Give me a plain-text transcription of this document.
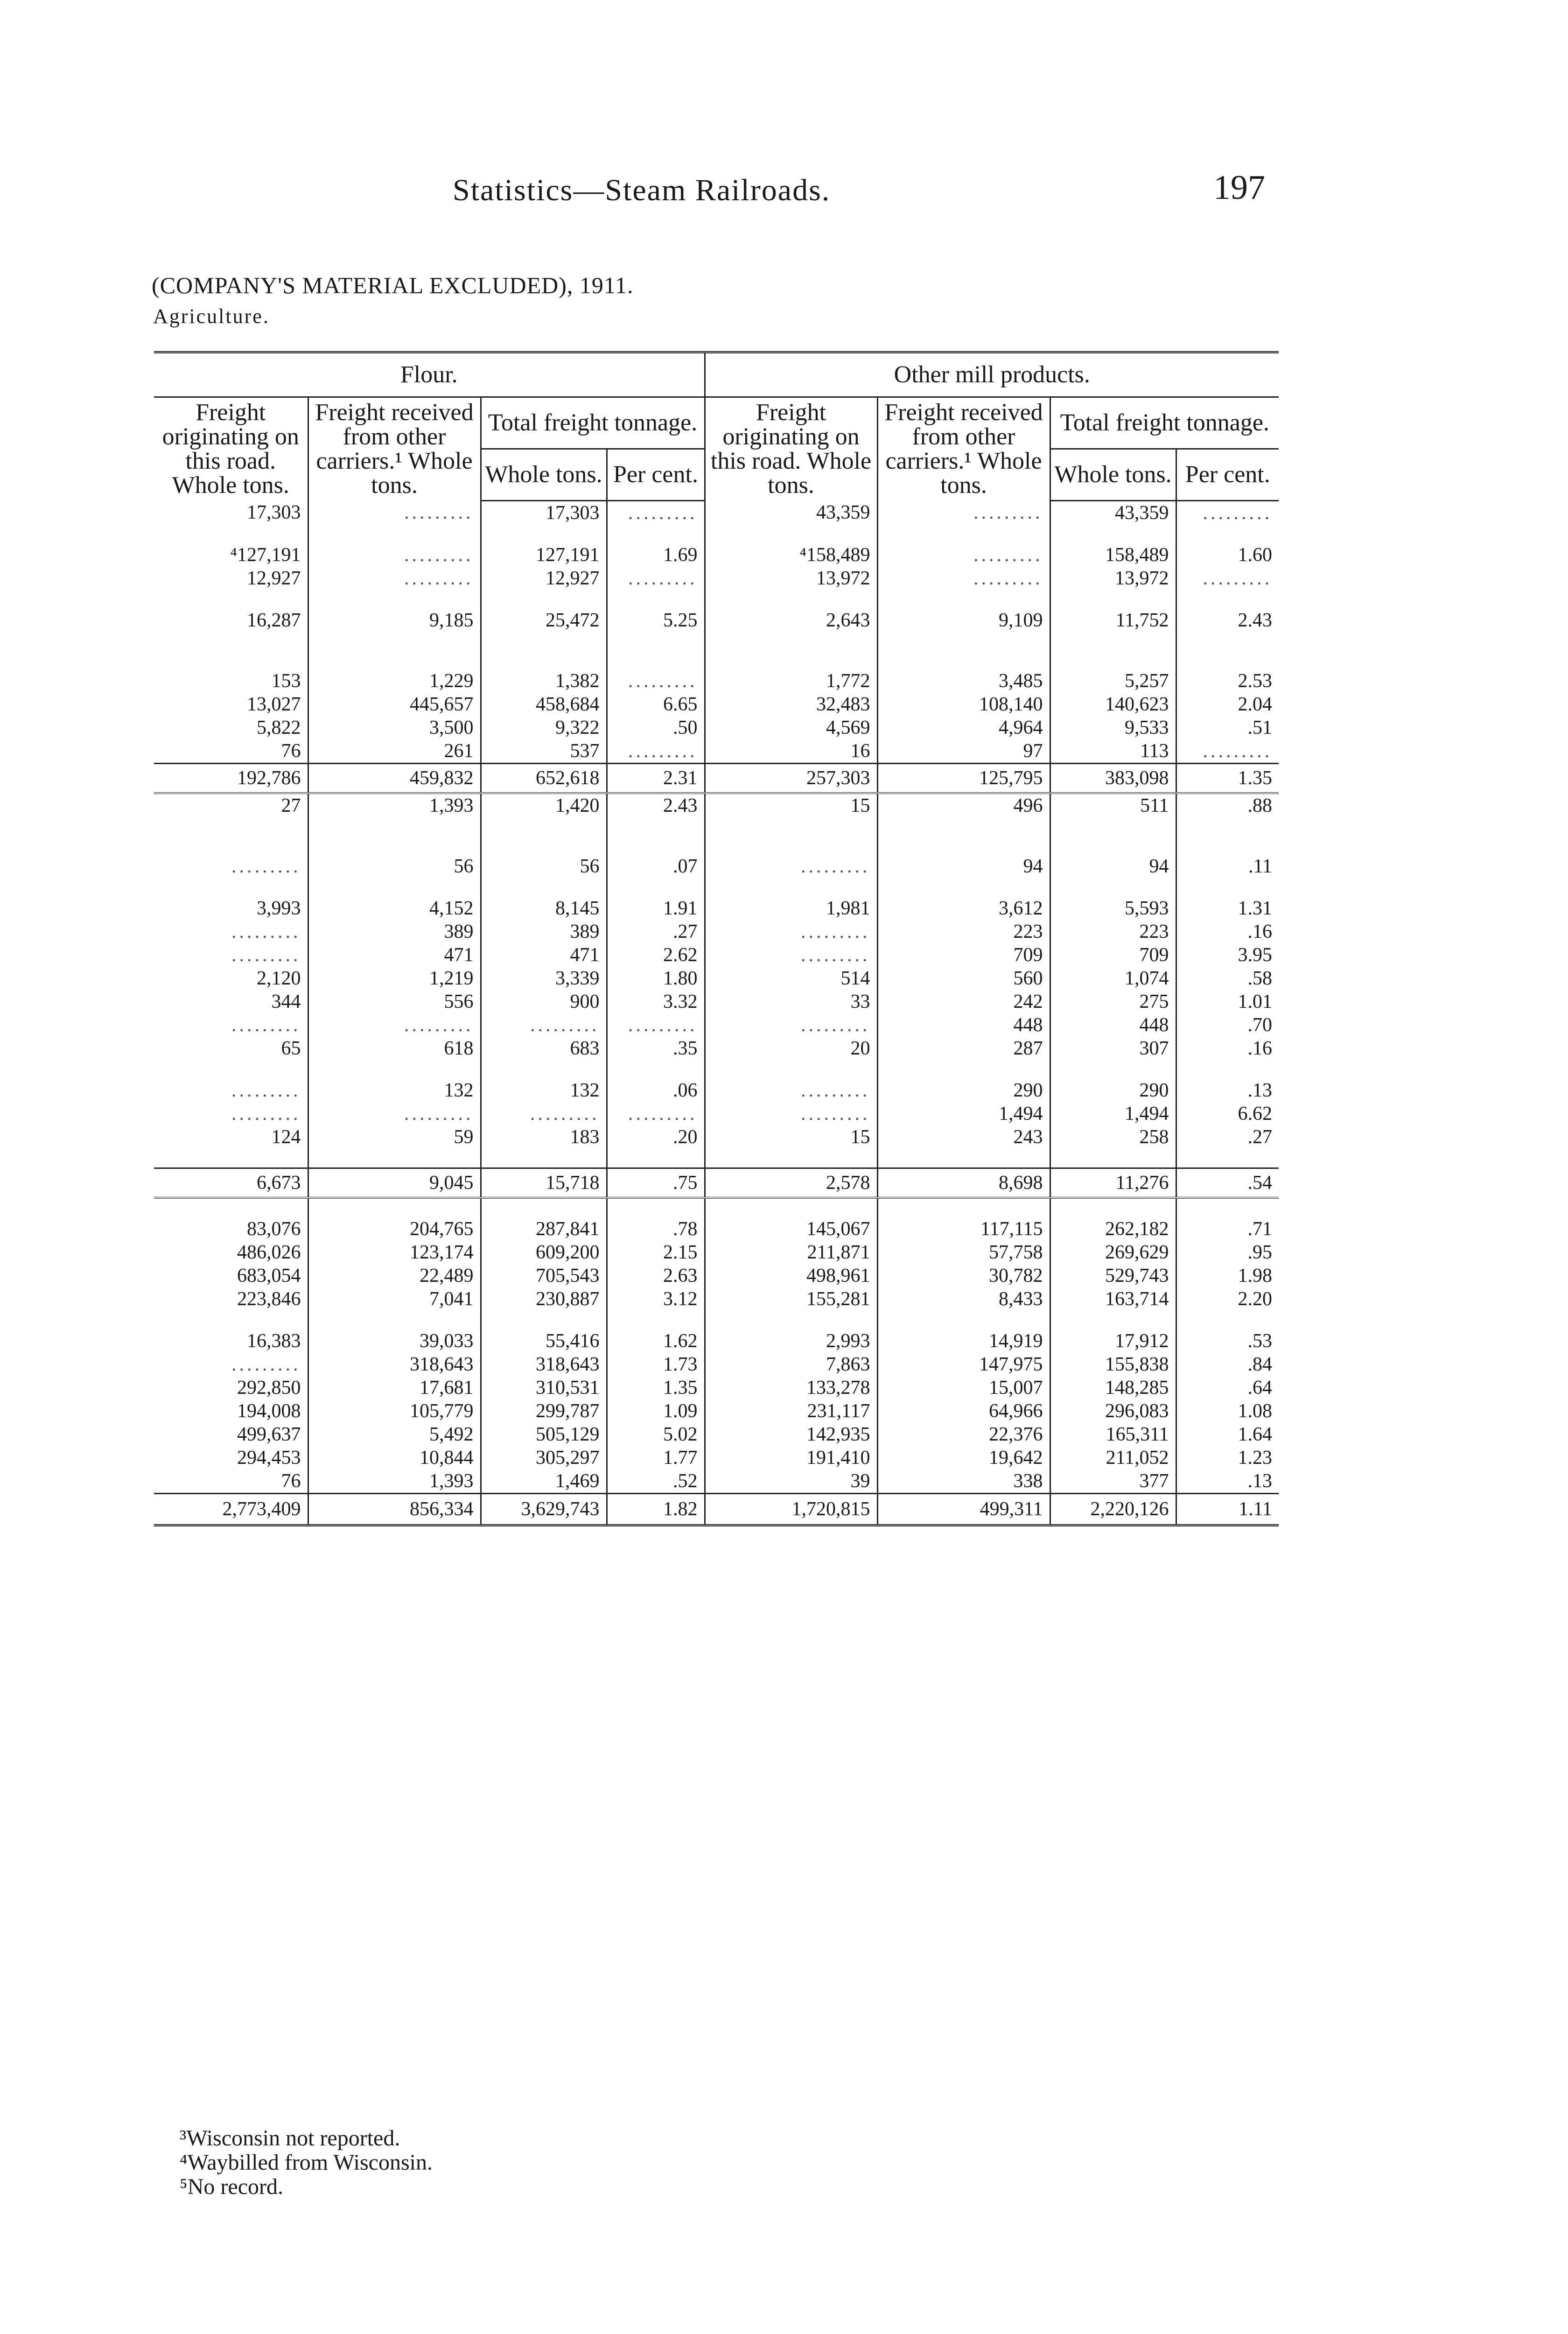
Statistics—Steam Railroads.	197
(COMPANY'S MATERIAL EXCLUDED), 1911.
Agriculture.
Flour.				Other mill products.			
Freight originating on this road. Whole tons.	Freight received from other carriers.¹ Whole tons.	Total freight tonnage.		Freight originating on this road. Whole tons.	Freight received from other carriers.¹ Whole tons.	Total freight tonnage.	
		Whole tons.	Per cent.			Whole tons.	Per cent.
17,303	.........	17,303	.........	43,359	.........	43,359	.........

⁴127,191	.........	127,191	1.69	⁴158,489	.........	158,489	1.60
12,927	.........	12,927	.........	13,972	.........	13,972	.........

16,287	9,185	25,472	5.25	2,643	9,109	11,752	2.43

153	1,229	1,382	.........	1,772	3,485	5,257	2.53
13,027	445,657	458,684	6.65	32,483	108,140	140,623	2.04
5,822	3,500	9,322	.50	4,569	4,964	9,533	.51
76	261	537	.........	16	97	113	.........
192,786	459,832	652,618	2.31	257,303	125,795	383,098	1.35
27	1,393	1,420	2.43	15	496	511	.88

.........	56	56	.07	.........	94	94	.11

3,993	4,152	8,145	1.91	1,981	3,612	5,593	1.31
.........	389	389	.27	.........	223	223	.16
.........	471	471	2.62	.........	709	709	3.95
2,120	1,219	3,339	1.80	514	560	1,074	.58
344	556	900	3.32	33	242	275	1.01
.........	.........	.........	.........	.........	448	448	.70
65	618	683	.35	20	287	307	.16

.........	132	132	.06	.........	290	290	.13
.........	.........	.........	.........	.........	1,494	1,494	6.62
124	59	183	.20	15	243	258	.27

6,673	9,045	15,718	.75	2,578	8,698	11,276	.54

83,076	204,765	287,841	.78	145,067	117,115	262,182	.71
486,026	123,174	609,200	2.15	211,871	57,758	269,629	.95
683,054	22,489	705,543	2.63	498,961	30,782	529,743	1.98
223,846	7,041	230,887	3.12	155,281	8,433	163,714	2.20

16,383	39,033	55,416	1.62	2,993	14,919	17,912	.53
.........	318,643	318,643	1.73	7,863	147,975	155,838	.84
292,850	17,681	310,531	1.35	133,278	15,007	148,285	.64
194,008	105,779	299,787	1.09	231,117	64,966	296,083	1.08
499,637	5,492	505,129	5.02	142,935	22,376	165,311	1.64
294,453	10,844	305,297	1.77	191,410	19,642	211,052	1.23
76	1,393	1,469	.52	39	338	377	.13
2,773,409	856,334	3,629,743	1.82	1,720,815	499,311	2,220,126	1.11
³Wisconsin not reported.
⁴Waybilled from Wisconsin.
⁵No record.
